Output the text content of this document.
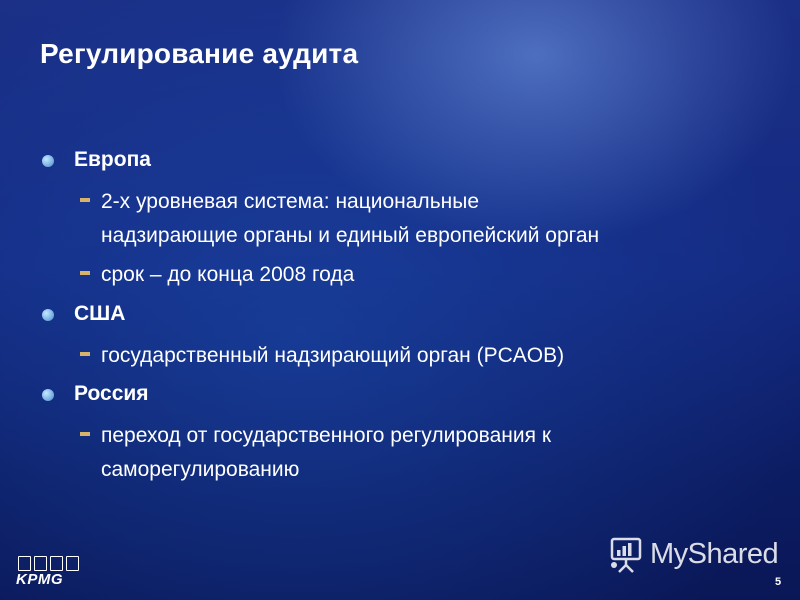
Регулирование аудита
Европа
2-х уровневая система: национальные
надзирающие органы и единый европейский орган
срок – до конца 2008 года
США
государственный надзирающий орган (PCAOB)
Россия
переход от государственного регулирования к
саморегулированию
KPMG	5
MyShared
